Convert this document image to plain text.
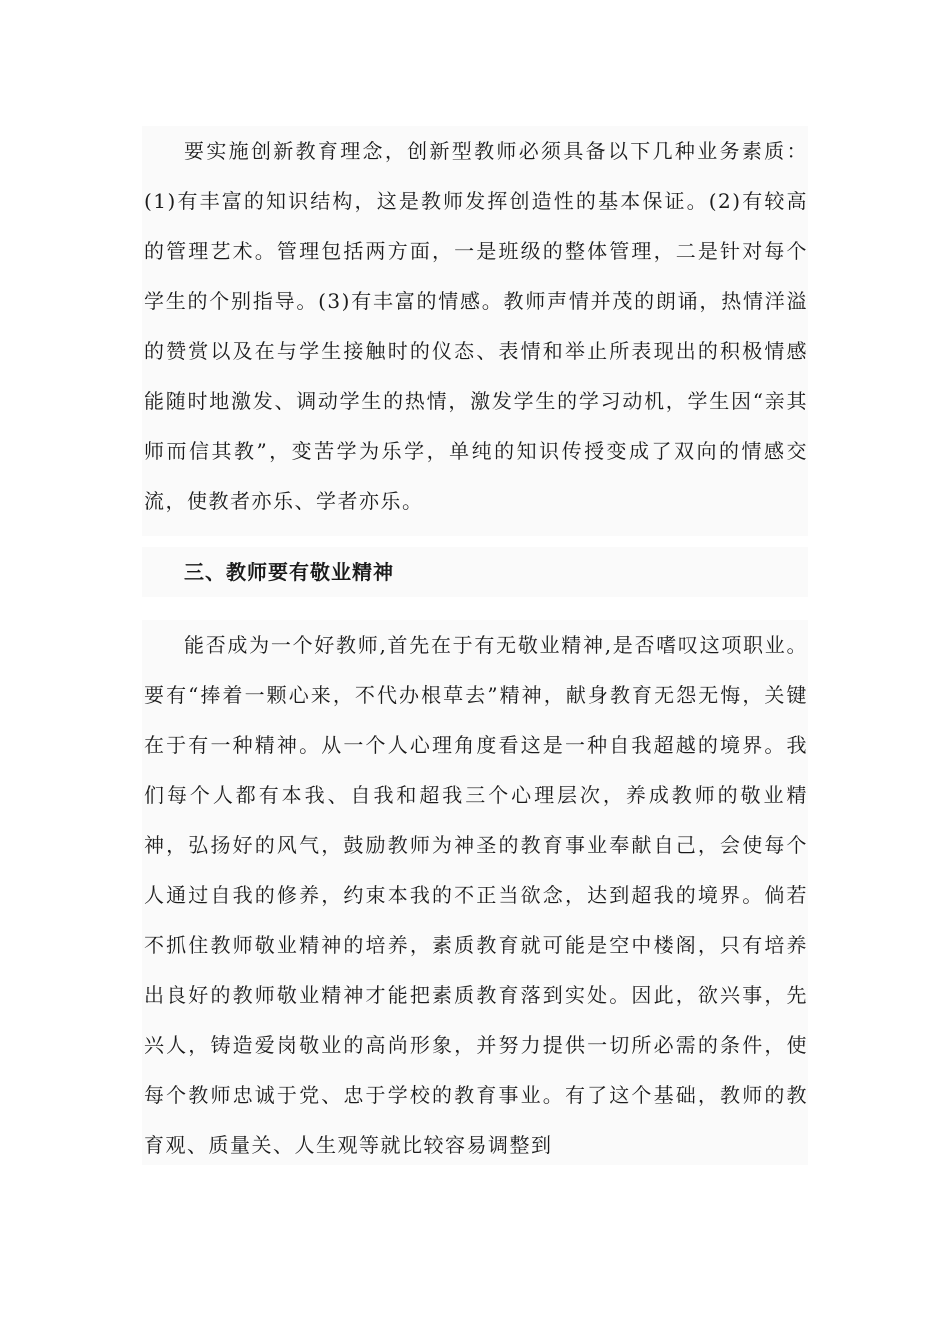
要实施创新教育理念，创新型教师必须具备以下几种业务素质：(1)有丰富的知识结构，这是教师发挥创造性的基本保证。(2)有较高的管理艺术。管理包括两方面，一是班级的整体管理，二是针对每个学生的个别指导。(3)有丰富的情感。教师声情并茂的朗诵，热情洋溢的赞赏以及在与学生接触时的仪态、表情和举止所表现出的积极情感能随时地激发、调动学生的热情，激发学生的学习动机，学生因“亲其师而信其教”，变苦学为乐学，单纯的知识传授变成了双向的情感交流，使教者亦乐、学者亦乐。

三、教师要有敬业精神

能否成为一个好教师,首先在于有无敬业精神,是否嗜叹这项职业。要有“捧着一颗心来，不代办根草去”精神，献身教育无怨无悔，关键在于有一种精神。从一个人心理角度看这是一种自我超越的境界。我们每个人都有本我、自我和超我三个心理层次，养成教师的敬业精神，弘扬好的风气，鼓励教师为神圣的教育事业奉献自己，会使每个人通过自我的修养，约束本我的不正当欲念，达到超我的境界。倘若不抓住教师敬业精神的培养，素质教育就可能是空中楼阁，只有培养出良好的教师敬业精神才能把素质教育落到实处。因此，欲兴事，先兴人，铸造爱岗敬业的高尚形象，并努力提供一切所必需的条件，使每个教师忠诚于党、忠于学校的教育事业。有了这个基础，教师的教育观、质量关、人生观等就比较容易调整到
